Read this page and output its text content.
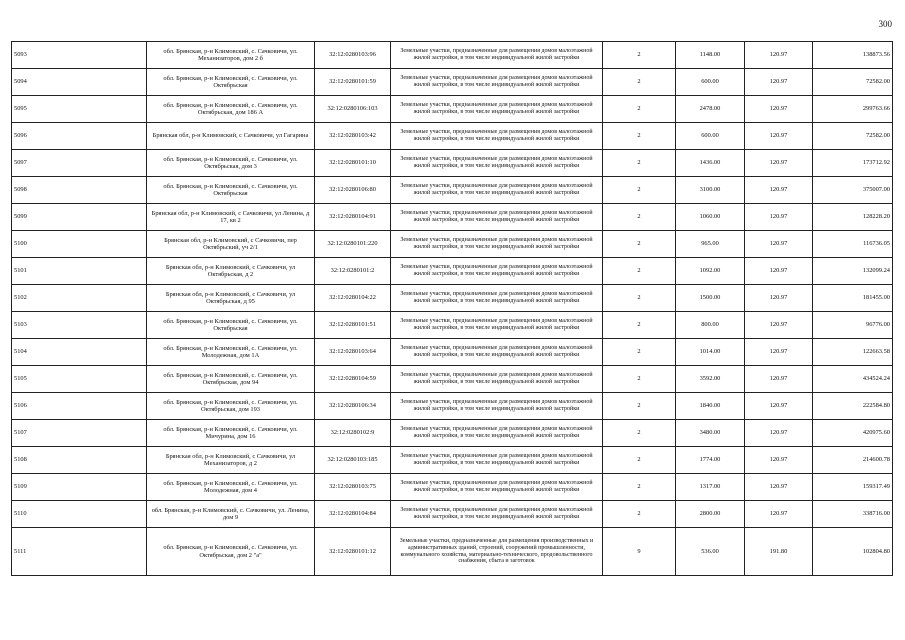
300
5093	обл. Брянская, р-н Климовский, с. Сачковичи, ул. Механизаторов, дом 2 б	32:12:0280103:96	Земельные участки, предназначенные для размещения домов малоэтажной жилой застройки, в том числе индивидуальной жилой застройки	2	1148.00	120.97	138873.56
5094	обл. Брянская, р-н Климовский, с. Сачковичи, ул. Октябрьская	32:12:0280101:59	Земельные участки, предназначенные для размещения домов малоэтажной жилой застройки, в том числе индивидуальной жилой застройки	2	600.00	120.97	72582.00
5095	обл. Брянская, р-н Климовский, с. Сачковичи, ул. Октябрьская, дом 186 А	32:12:0280106:103	Земельные участки, предназначенные для размещения домов малоэтажной жилой застройки, в том числе индивидуальной жилой застройки	2	2478.00	120.97	299763.66
5096	Брянская обл, р-н Климовский, с Сачковичи, ул Гагарина	32:12:0280103:42	Земельные участки, предназначенные для размещения домов малоэтажной жилой застройки, в том числе индивидуальной жилой застройки	2	600.00	120.97	72582.00
5097	обл. Брянская, р-н Климовский, с. Сачковичи, ул. Октябрьская, дом 3	32:12:0280101:10	Земельные участки, предназначенные для размещения домов малоэтажной жилой застройки, в том числе индивидуальной жилой застройки	2	1436.00	120.97	173712.92
5098	обл. Брянская, р-н Климовский, с. Сачковичи, ул. Октябрьская	32:12:0280106:80	Земельные участки, предназначенные для размещения домов малоэтажной жилой застройки, в том числе индивидуальной жилой застройки	2	3100.00	120.97	375007.00
5099	Брянская обл, р-н Климовский, с Сачковичи, ул Ленина, д 17, кв 2	32:12:0280104:91	Земельные участки, предназначенные для размещения домов малоэтажной жилой застройки, в том числе индивидуальной жилой застройки	2	1060.00	120.97	128228.20
5100	Брянская обл, р-н Климовский, с Сачковичи, пер Октябрьский, уч 2/1	32:12:0280101:220	Земельные участки, предназначенные для размещения домов малоэтажной жилой застройки, в том числе индивидуальной жилой застройки	2	965.00	120.97	116736.05
5101	Брянская обл, р-н Климовский, с Сачковичи, ул Октябрьская, д 2	32:12:0280101:2	Земельные участки, предназначенные для размещения домов малоэтажной жилой застройки, в том числе индивидуальной жилой застройки	2	1092.00	120.97	132099.24
5102	Брянская обл, р-н Климовский, с Сачковичи, ул Октябрьская, д 95	32:12:0280104:22	Земельные участки, предназначенные для размещения домов малоэтажной жилой застройки, в том числе индивидуальной жилой застройки	2	1500.00	120.97	181455.00
5103	обл. Брянская, р-н Климовский, с. Сачковичи, ул. Октябрьская	32:12:0280101:51	Земельные участки, предназначенные для размещения домов малоэтажной жилой застройки, в том числе индивидуальной жилой застройки	2	800.00	120.97	96776.00
5104	обл. Брянская, р-н Климовский, с. Сачковичи, ул. Молодежная, дом 1А	32:12:0280103:64	Земельные участки, предназначенные для размещения домов малоэтажной жилой застройки, в том числе индивидуальной жилой застройки	2	1014.00	120.97	122663.58
5105	обл. Брянская, р-н Климовский, с. Сачковичи, ул. Октябрьская, дом 94	32:12:0280104:59	Земельные участки, предназначенные для размещения домов малоэтажной жилой застройки, в том числе индивидуальной жилой застройки	2	3592.00	120.97	434524.24
5106	обл. Брянская, р-н Климовский, с. Сачковичи, ул. Октябрьская, дом 193	32:12:0280106:34	Земельные участки, предназначенные для размещения домов малоэтажной жилой застройки, в том числе индивидуальной жилой застройки	2	1840.00	120.97	222584.80
5107	обл. Брянская, р-н Климовский, с. Сачковичи, ул. Мичурина, дом 16	32:12:0280102:9	Земельные участки, предназначенные для размещения домов малоэтажной жилой застройки, в том числе индивидуальной жилой застройки	2	3480.00	120.97	420975.60
5108	Брянская обл, р-н Климовский, с Сачковичи, ул Механизаторов, д 2	32:12:0280103:185	Земельные участки, предназначенные для размещения домов малоэтажной жилой застройки, в том числе индивидуальной жилой застройки	2	1774.00	120.97	214600.78
5109	обл. Брянская, р-н Климовский, с. Сачковичи, ул. Молодежная, дом 4	32:12:0280103:75	Земельные участки, предназначенные для размещения домов малоэтажной жилой застройки, в том числе индивидуальной жилой застройки	2	1317.00	120.97	159317.49
5110	обл. Брянская, р-н Климовский, с. Сачковичи, ул. Ленина, дом 9	32:12:0280104:84	Земельные участки, предназначенные для размещения домов малоэтажной жилой застройки, в том числе индивидуальной жилой застройки	2	2800.00	120.97	338716.00
5111	обл. Брянская, р-н Климовский, с. Сачковичи, ул. Октябрьская, дом 2 "а"	32:12:0280101:12	Земельные участки, предназначенные для размещения производственных и административных зданий, строений, сооружений промышленности, коммунального хозяйства, материально-технического, продовольственного снабжения, сбыта и заготовок	9	536.00	191.80	102804.80
